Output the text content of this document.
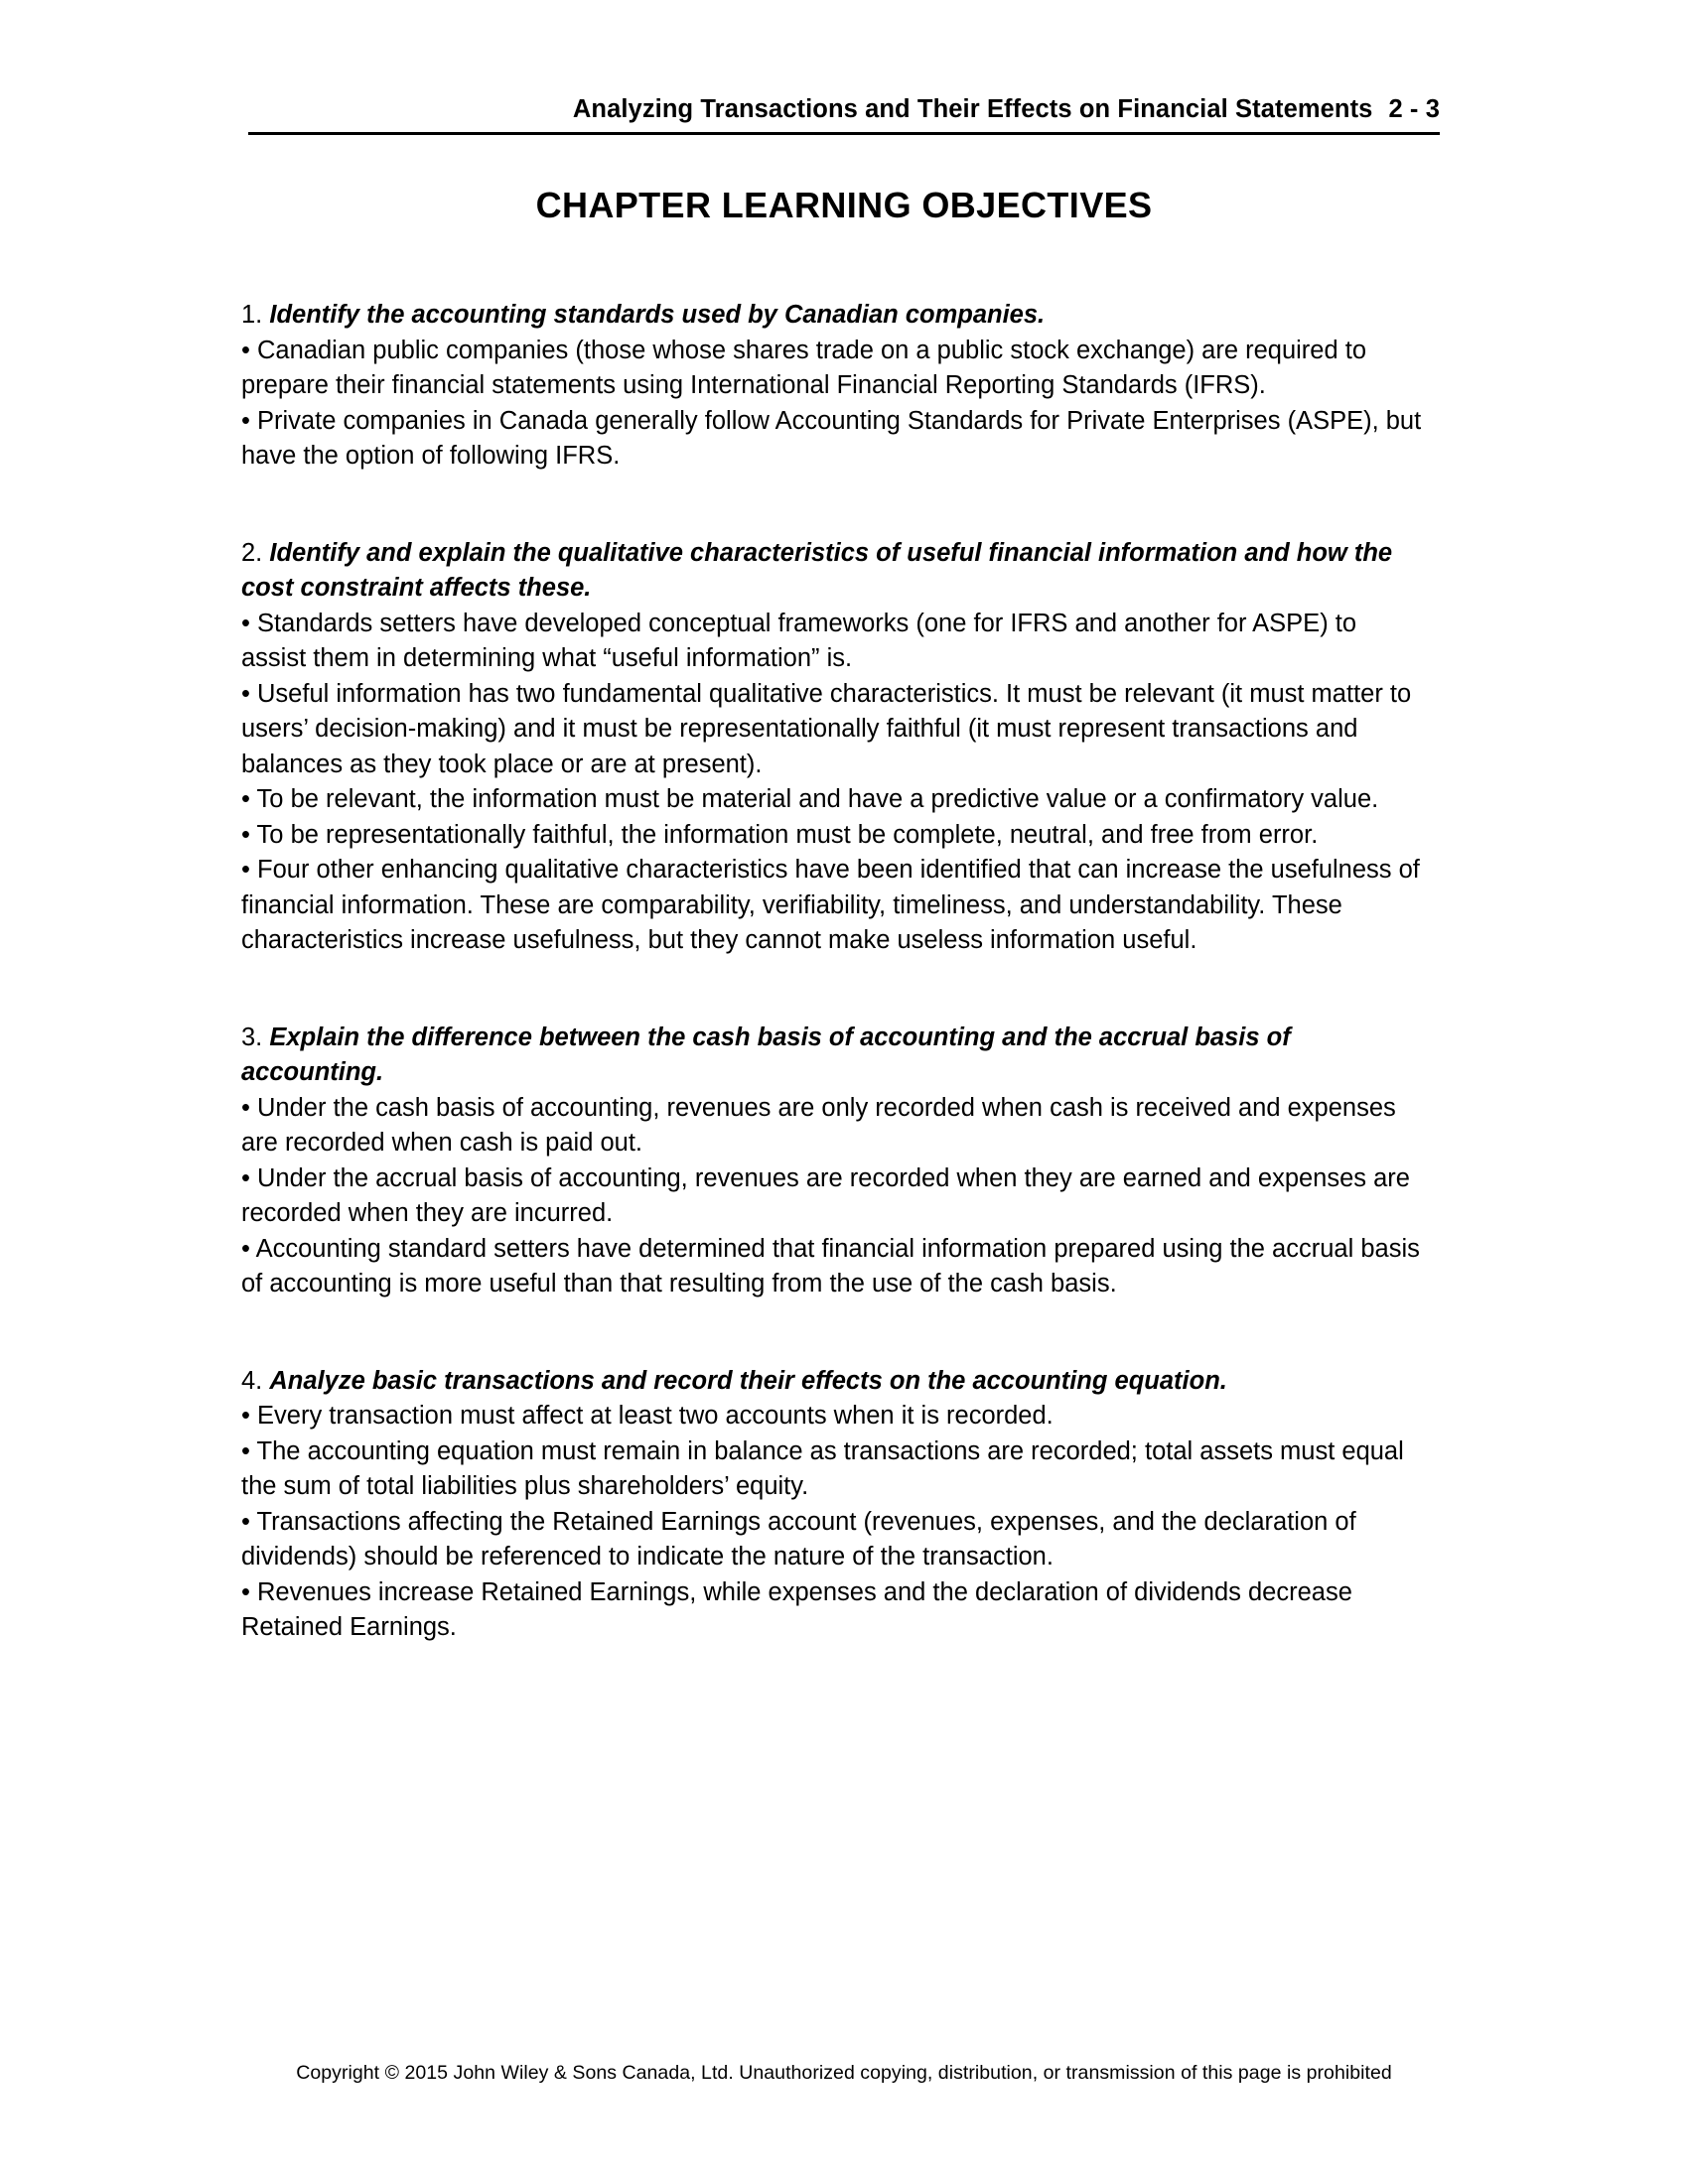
Analyzing Transactions and Their Effects on Financial Statements 2 - 3
CHAPTER LEARNING OBJECTIVES

1. Identify the accounting standards used by Canadian companies.

• Canadian public companies (those whose shares trade on a public stock exchange) are required to prepare their financial statements using International Financial Reporting Standards (IFRS).

• Private companies in Canada generally follow Accounting Standards for Private Enterprises (ASPE), but have the option of following IFRS.

2. Identify and explain the qualitative characteristics of useful financial information and how the cost constraint affects these.

• Standards setters have developed conceptual frameworks (one for IFRS and another for ASPE) to assist them in determining what “useful information” is.

• Useful information has two fundamental qualitative characteristics. It must be relevant (it must matter to users’ decision-making) and it must be representationally faithful (it must represent transactions and balances as they took place or are at present).

• To be relevant, the information must be material and have a predictive value or a confirmatory value.

• To be representationally faithful, the information must be complete, neutral, and free from error.

• Four other enhancing qualitative characteristics have been identified that can increase the usefulness of financial information. These are comparability, verifiability, timeliness, and understandability. These characteristics increase usefulness, but they cannot make useless information useful.

3. Explain the difference between the cash basis of accounting and the accrual basis of accounting.

• Under the cash basis of accounting, revenues are only recorded when cash is received and expenses are recorded when cash is paid out.

• Under the accrual basis of accounting, revenues are recorded when they are earned and expenses are recorded when they are incurred.

• Accounting standard setters have determined that financial information prepared using the accrual basis of accounting is more useful than that resulting from the use of the cash basis.

4. Analyze basic transactions and record their effects on the accounting equation.

• Every transaction must affect at least two accounts when it is recorded.

• The accounting equation must remain in balance as transactions are recorded; total assets must equal the sum of total liabilities plus shareholders’ equity.

• Transactions affecting the Retained Earnings account (revenues, expenses, and the declaration of dividends) should be referenced to indicate the nature of the transaction.

• Revenues increase Retained Earnings, while expenses and the declaration of dividends decrease Retained Earnings.

Copyright © 2015 John Wiley & Sons Canada, Ltd. Unauthorized copying, distribution, or transmission of this page is prohibited
